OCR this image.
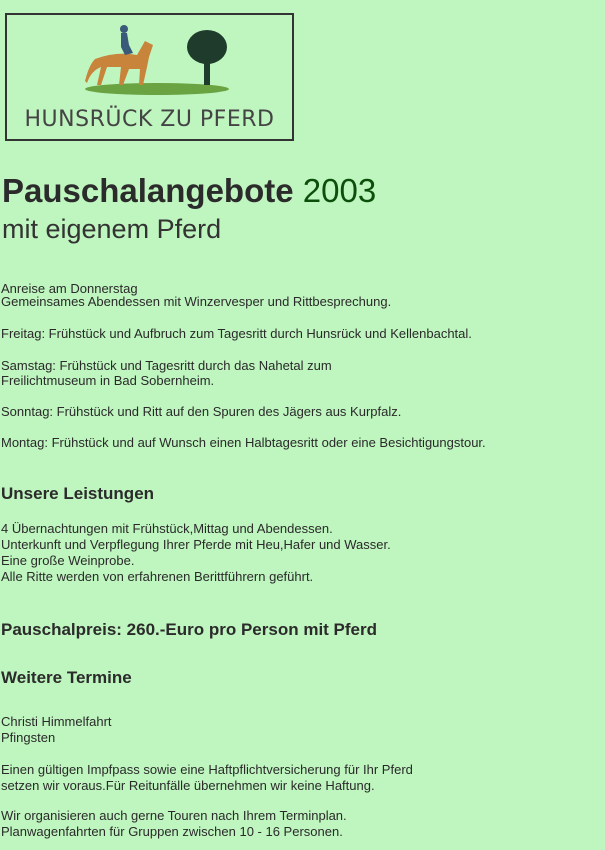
HUNSRÜCK ZU PFERD
Pauschalangebote 2003
mit eigenem Pferd
Anreise am Donnerstag
Gemeinsames Abendessen mit Winzervesper und Rittbesprechung.
Freitag: Frühstück und Aufbruch zum Tagesritt durch Hunsrück und Kellenbachtal.
Samstag: Frühstück und Tagesritt durch das Nahetal zum
Freilichtmuseum in Bad Sobernheim.
Sonntag: Frühstück und Ritt auf den Spuren des Jägers aus Kurpfalz.
Montag: Frühstück und auf Wunsch einen Halbtagesritt oder eine Besichtigungstour.
Unsere Leistungen
4 Übernachtungen mit Frühstück,Mittag und Abendessen.
Unterkunft und Verpflegung Ihrer Pferde mit Heu,Hafer und Wasser.
Eine große Weinprobe.
Alle Ritte werden von erfahrenen Berittführern geführt.
Pauschalpreis: 260.-Euro pro Person mit Pferd
Weitere Termine
Christi Himmelfahrt
Pfingsten
Einen gültigen Impfpass sowie eine Haftpflichtversicherung für Ihr Pferd
setzen wir voraus.Für Reitunfälle übernehmen wir keine Haftung.
Wir organisieren auch gerne Touren nach Ihrem Terminplan.
Planwagenfahrten für Gruppen zwischen 10 - 16 Personen.
